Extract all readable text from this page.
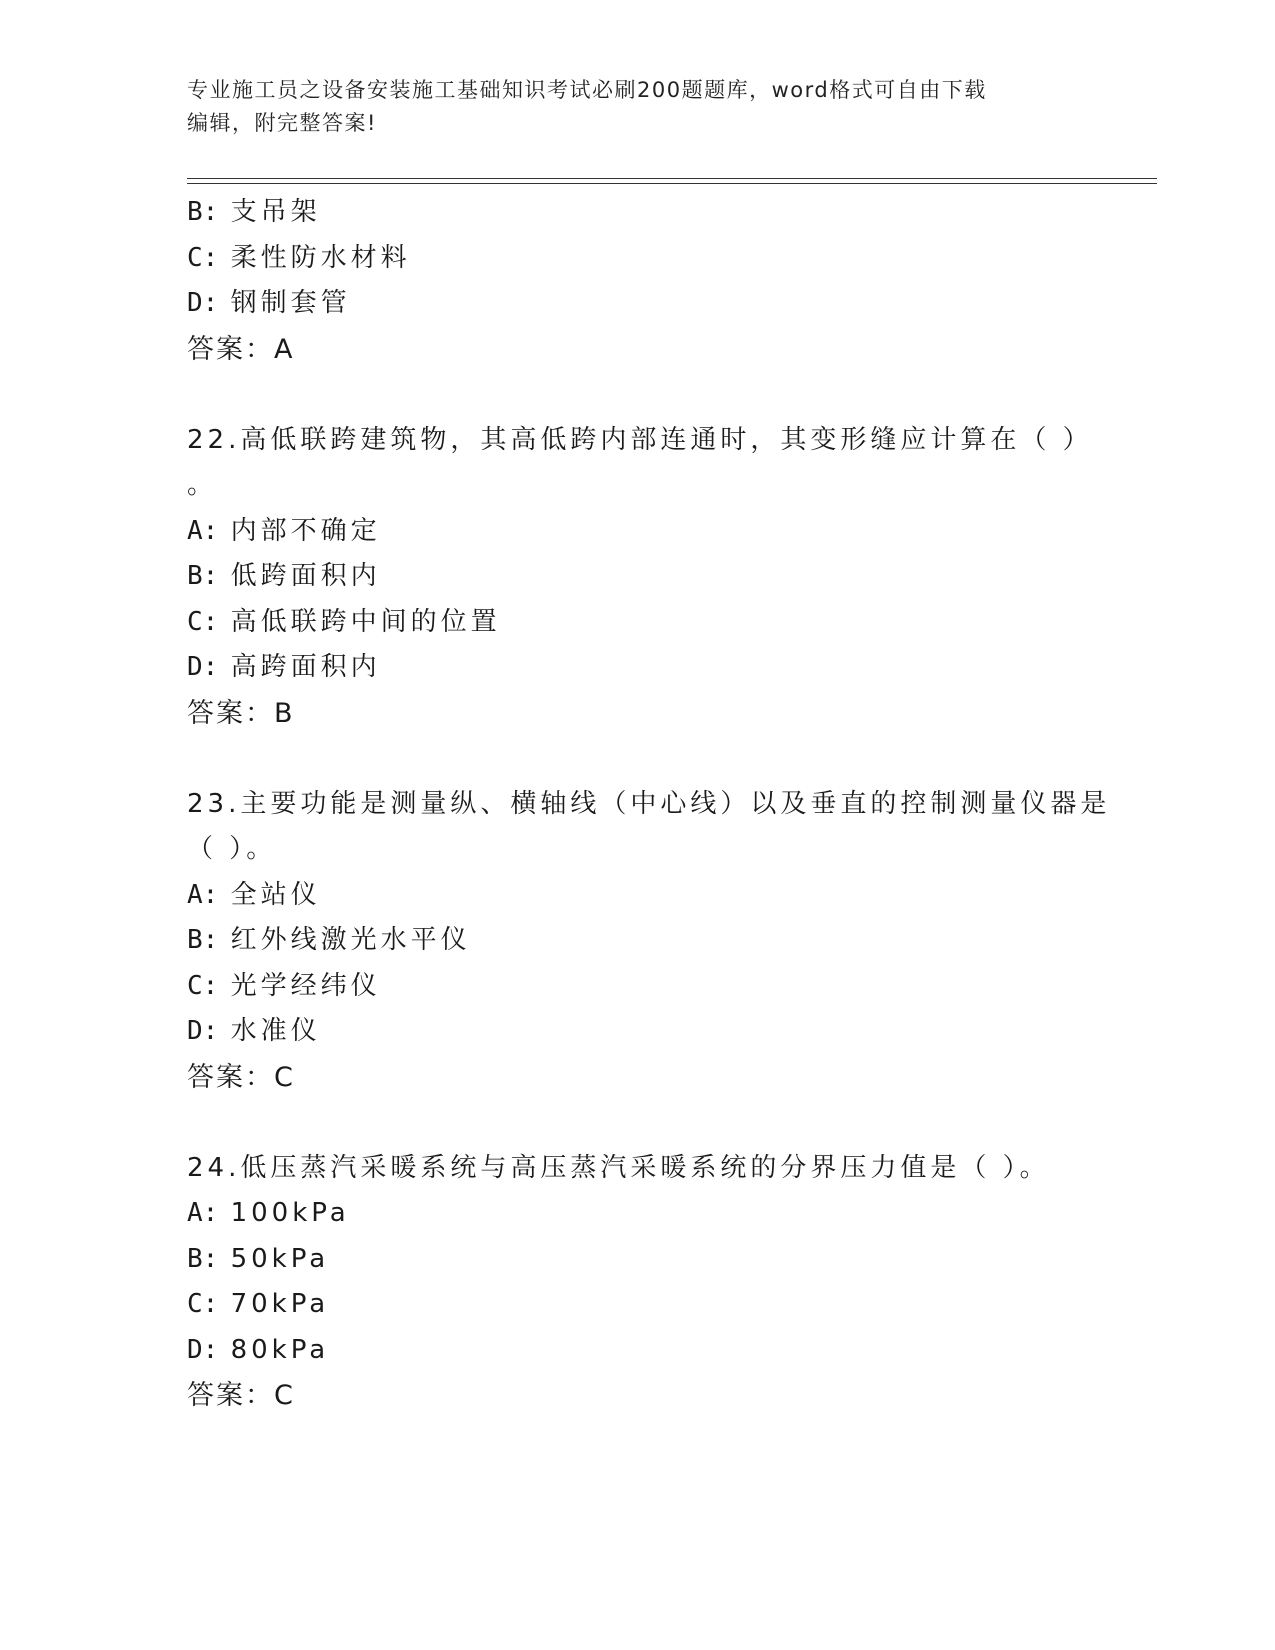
专业施工员之设备安装施工基础知识考试必刷200题题库，word格式可自由下载
编辑，附完整答案!
B: 支吊架
C: 柔性防水材料
D: 钢制套管
答案：A
22.高低联跨建筑物，其高低跨内部连通时，其变形缝应计算在（ ）
。
A: 内部不确定
B: 低跨面积内
C: 高低联跨中间的位置
D: 高跨面积内
答案：B
23.主要功能是测量纵、横轴线（中心线）以及垂直的控制测量仪器是
（ ）。
A: 全站仪
B: 红外线激光水平仪
C: 光学经纬仪
D: 水准仪
答案：C
24.低压蒸汽采暖系统与高压蒸汽采暖系统的分界压力值是（ ）。
A: 100kPa
B: 50kPa
C: 70kPa
D: 80kPa
答案：C
